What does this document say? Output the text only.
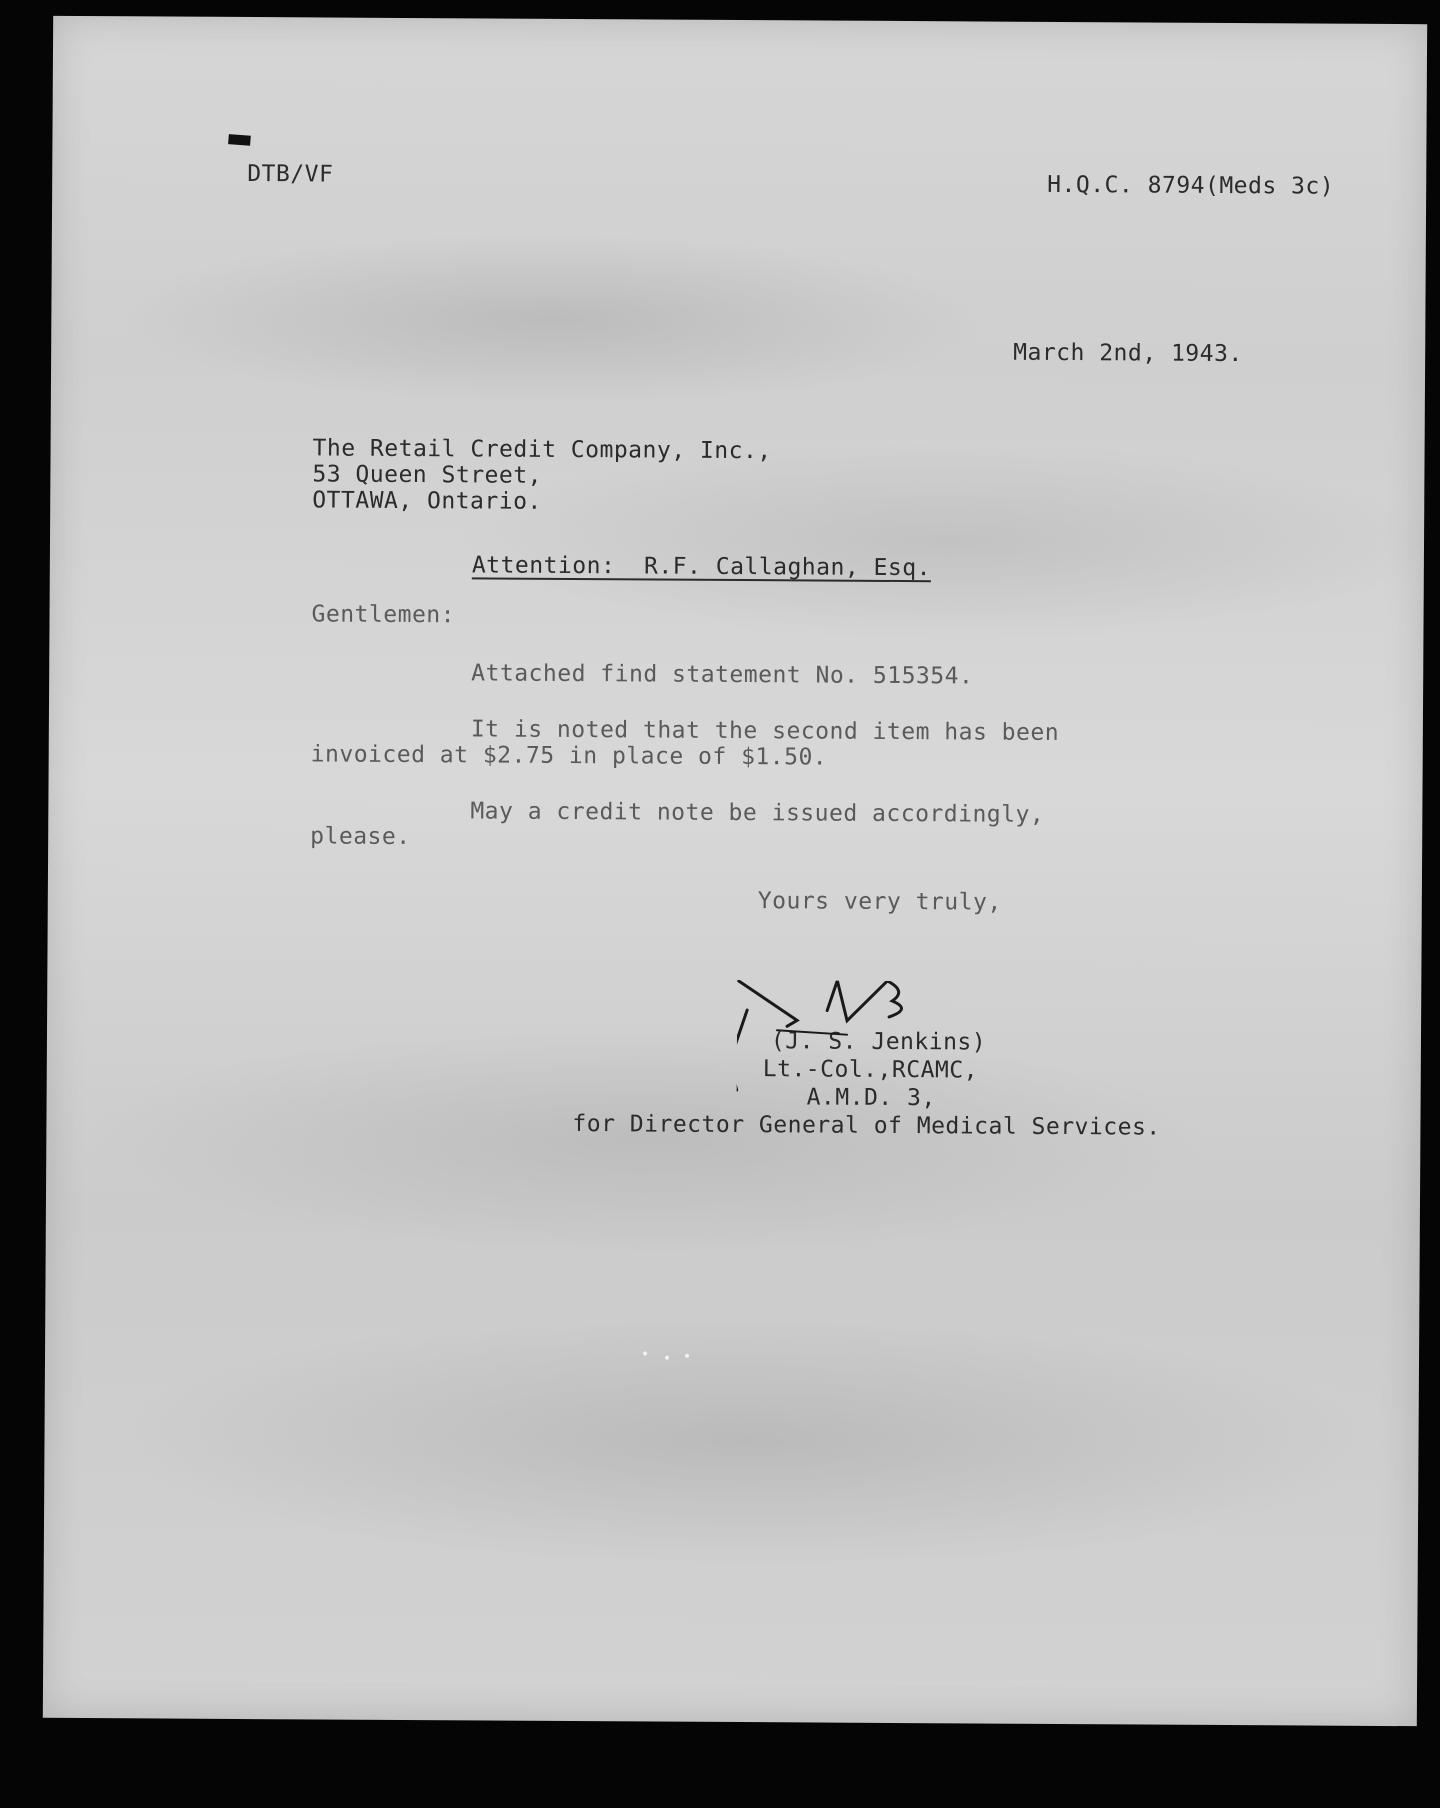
DTB/VF	H.Q.C. 8794(Meds 3c)
March 2nd, 1943.
The Retail Credit Company, Inc.,
53 Queen Street,
OTTAWA, Ontario.
Attention:  R.F. Callaghan, Esq.
Gentlemen:
Attached find statement No. 515354.
It is noted that the second item has been
invoiced at $2.75 in place of $1.50.
May a credit note be issued accordingly,
please.
Yours very truly,
(J. S. Jenkins)
Lt.-Col.,RCAMC,
A.M.D. 3,
for Director General of Medical Services.
